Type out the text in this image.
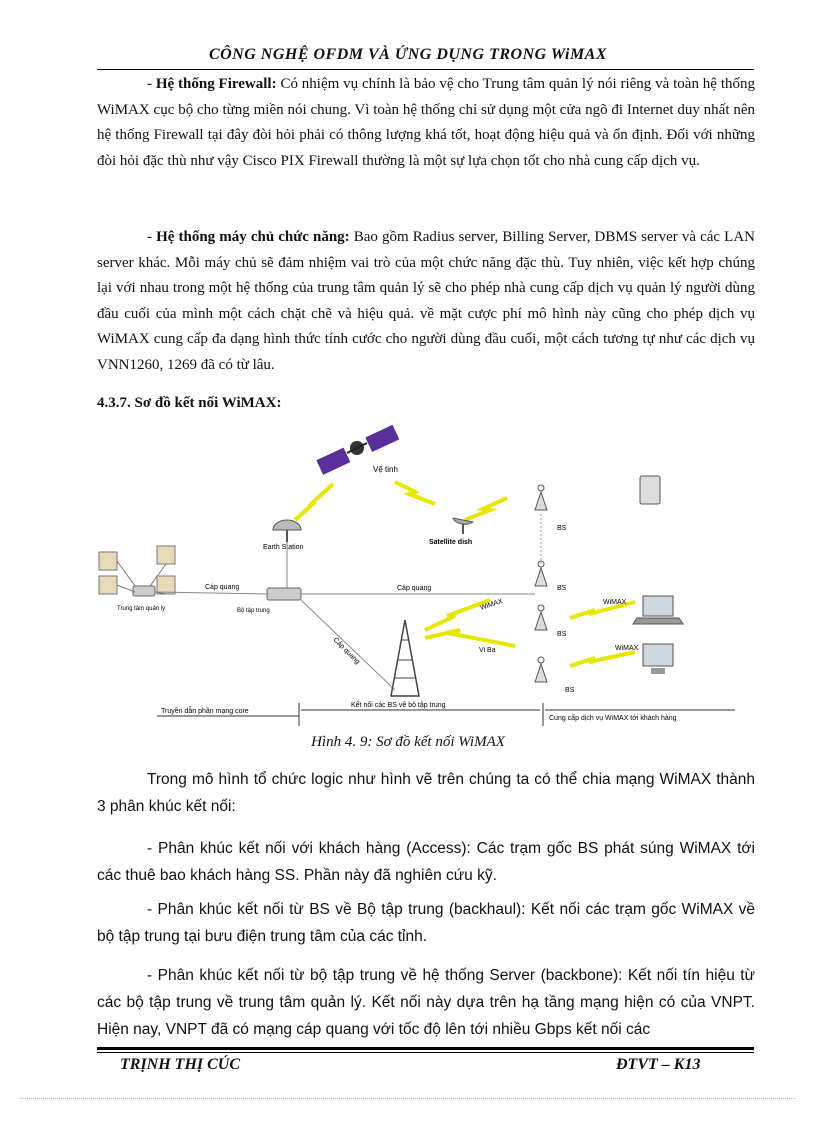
CÔNG NGHỆ OFDM VÀ ỨNG DỤNG TRONG WiMAX
- Hệ thống Firewall: Có nhiệm vụ chính là bảo vệ cho Trung tâm quản lý nói riêng và toàn hệ thống WiMAX cục bộ cho từng miền nói chung. Vì toàn hệ thống chỉ sử dụng một cửa ngõ đi Internet duy nhất nên hệ thống Firewall tại đây đòi hỏi phải có thông lượng khá tốt, hoạt động hiệu quả và ổn định. Đối với những đòi hỏi đặc thù như vậy Cisco PIX Firewall thường là một sự lựa chọn tốt cho nhà cung cấp dịch vụ.
- Hệ thống máy chủ chức năng: Bao gồm Radius server, Billing Server, DBMS server và các LAN server khác. Mỗi máy chủ sẽ đảm nhiệm vai trò của một chức năng đặc thù. Tuy nhiên, việc kết hợp chúng lại với nhau trong một hệ thống của trung tâm quản lý sẽ cho phép nhà cung cấp dịch vụ quản lý người dùng đầu cuối của mình một cách chặt chẽ và hiệu quả. về mặt cược phí mô hình này cũng cho phép dịch vụ WiMAX cung cấp đa dạng hình thức tính cước cho người dùng đầu cuối, một cách tương tự như các dịch vụ VNN1260, 1269 đã có từ lâu.
4.3.7. Sơ đồ kết nối WiMAX:
Vệ tinh
Earth Station
Satellite dish
Trung tâm quản lý	Bộ tập trung
Cáp quang	Cáp quang
Cáp quang
BS
BS
BS
BS
WiMAX	WiMAX
WiMAX
Vi Ba
Truyền dẫn phần mạng core
Kết nối các BS về bộ tập trung
Cung cấp dịch vụ WiMAX tới khách hàng
Hình 4. 9: Sơ đồ kết nối WiMAX
Trong mô hình tổ chức logic như hình vẽ trên chúng ta có thể chia mạng WiMAX thành 3 phân khúc kết nối:
- Phân khúc kết nối với khách hàng (Access): Các trạm gốc BS phát súng WiMAX tới các thuê bao khách hàng SS. Phần này đã nghiên cứu kỹ.
- Phân khúc kết nối từ BS về Bộ tập trung (backhaul): Kết nối các trạm gốc WiMAX về bộ tập trung tại bưu điện trung tâm của các tỉnh.
- Phân khúc kết nối từ bộ tập trung về hệ thống Server (backbone): Kết nối tín hiệu từ các bộ tập trung về trung tâm quản lý. Kết nối này dựa trên hạ tầng mạng hiện có của VNPT. Hiện nay, VNPT đã có mạng cáp quang với tốc độ lên tới nhiều Gbps kết nối các
TRỊNH THỊ CÚC	ĐTVT – K13
